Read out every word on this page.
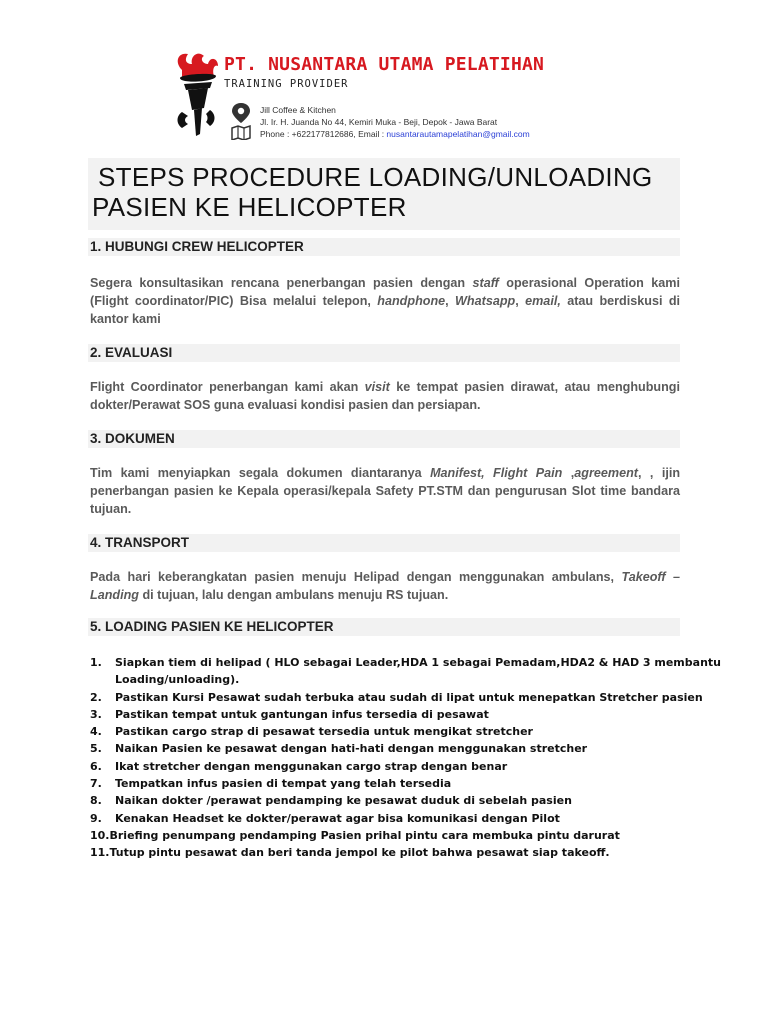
PT. NUSANTARA UTAMA PELATIHAN
TRAINING PROVIDER
Jill Coffee & Kitchen
Jl. Ir. H. Juanda No 44, Kemiri Muka - Beji, Depok - Jawa Barat
Phone : +622177812686, Email : nusantarautamapelatihan@gmail.com
STEPS PROCEDURE LOADING/UNLOADING
PASIEN KE HELICOPTER
1. HUBUNGI CREW HELICOPTER
Segera konsultasikan rencana penerbangan pasien dengan staff operasional Operation kami (Flight coordinator/PIC) Bisa melalui telepon, handphone, Whatsapp, email, atau berdiskusi di kantor kami
2. EVALUASI
Flight Coordinator penerbangan kami akan visit ke tempat pasien dirawat, atau menghubungi dokter/Perawat SOS guna evaluasi kondisi pasien dan persiapan.
3. DOKUMEN
Tim kami menyiapkan segala dokumen diantaranya Manifest, Flight Pain ,agreement, , ijin penerbangan pasien ke Kepala operasi/kepala Safety PT.STM dan pengurusan Slot time bandara tujuan.
4. TRANSPORT
Pada hari keberangkatan pasien menuju Helipad dengan menggunakan ambulans, Takeoff – Landing di tujuan, lalu dengan ambulans menuju RS tujuan.
5. LOADING PASIEN KE HELICOPTER
1. Siapkan tiem di helipad ( HLO sebagai Leader,HDA 1 sebagai Pemadam,HDA2 & HAD 3 membantu
Loading/unloading).
2. Pastikan Kursi Pesawat sudah terbuka atau sudah di lipat untuk menepatkan Stretcher pasien
3. Pastikan tempat untuk gantungan infus tersedia di pesawat
4. Pastikan cargo strap di pesawat tersedia untuk mengikat stretcher
5. Naikan Pasien ke pesawat dengan hati-hati dengan menggunakan stretcher
6. Ikat stretcher dengan menggunakan cargo strap dengan benar
7. Tempatkan infus pasien di tempat yang telah tersedia
8. Naikan dokter /perawat pendamping ke pesawat duduk di sebelah pasien
9. Kenakan Headset ke dokter/perawat agar bisa komunikasi dengan Pilot
10.Briefing penumpang pendamping Pasien prihal pintu cara membuka pintu darurat
11.Tutup pintu pesawat dan beri tanda jempol ke pilot bahwa pesawat siap takeoff.
